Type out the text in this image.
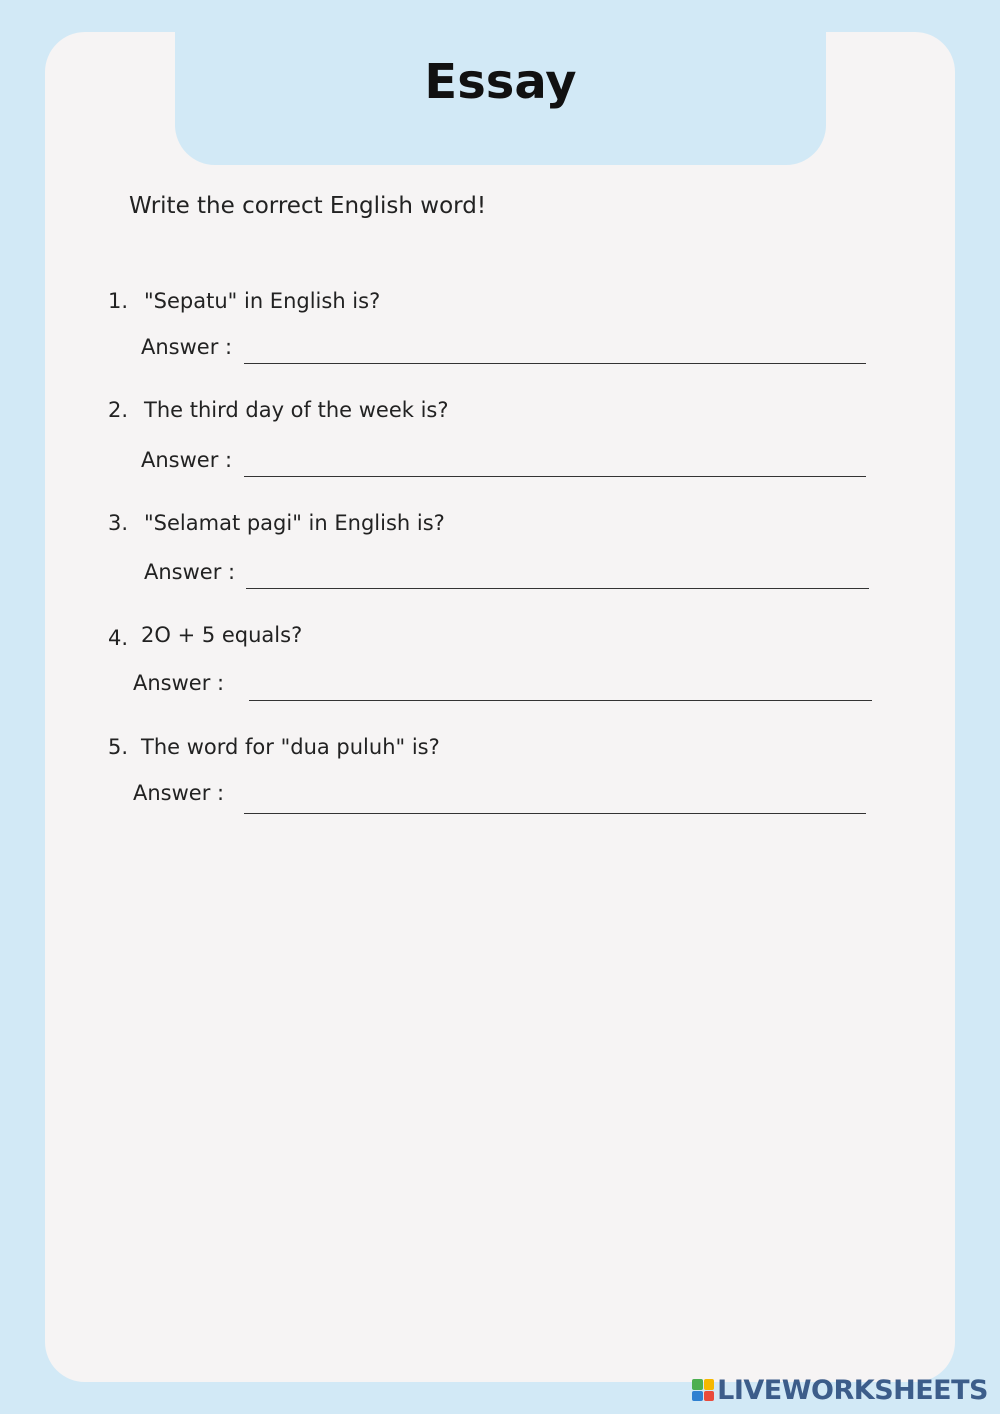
Essay

Write the correct English word!

1. "Sepatu" in English is?
Answer :
2. The third day of the week is?
Answer :
3. "Selamat pagi" in English is?
Answer :
4. 2O + 5 equals?
Answer :
5. The word for "dua puluh" is?
Answer :
LIVEWORKSHEETS
